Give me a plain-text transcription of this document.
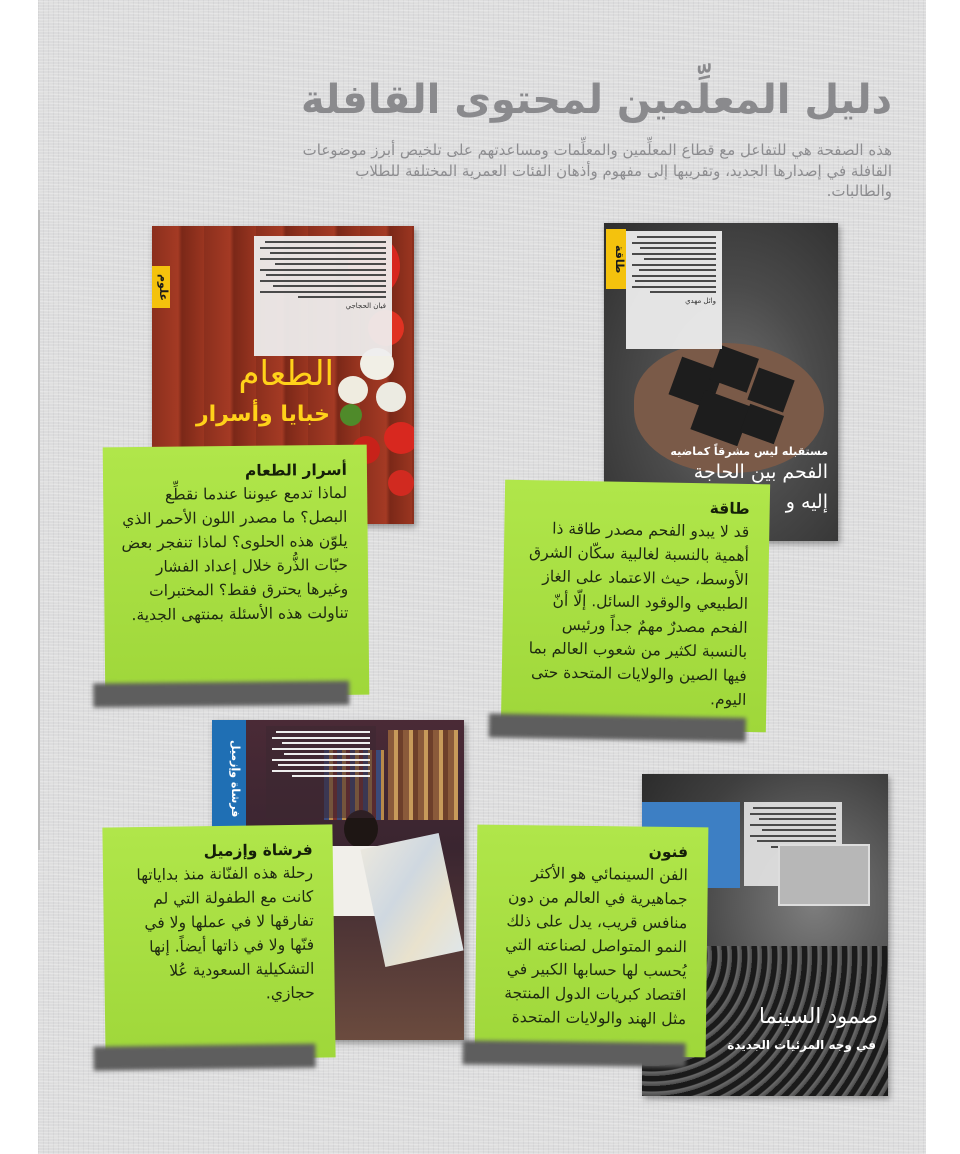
دليل المعلِّمين لمحتوى القافلة

هذه الصفحة هي للتفاعل مع قطاع المعلِّمين والمعلِّمات ومساعدتهم على تلخيص أبرز موضوعات القافلة في إصدارها الجديد، وتقريبها إلى مفهوم وأذهان الفئات العمرية المختلفة للطلاب والطالبات.

علوم
فيان الحجاجي
الطعام
خبايا وأسرار
طاقة
وائل مهدي
مستقبله ليس مشرقاً كماضيه
الفحم بين الحاجة
إليه و
فرشاة وإزميل
صمود السينما
في وجه المرئيات الجديدة
أسرار الطعام

لماذا تدمع عيوننا عندما نقطِّع البصل؟ ما مصدر اللون الأحمر الذي يلوّن هذه الحلوى؟ لماذا تنفجر بعض حبّات الذُّرة خلال إعداد الفشار وغيرها يحترق فقط؟ المختبرات تناولت هذه الأسئلة بمنتهى الجدية.

طاقة

قد لا يبدو الفحم مصدر طاقة ذا أهمية بالنسبة لغالبية سكّان الشرق الأوسط، حيث الاعتماد على الغاز الطبيعي والوقود السائل. إلّا أنّ الفحم مصدرٌ مهمٌ جداً ورئيس بالنسبة لكثير من شعوب العالم بما فيها الصين والولايات المتحدة حتى اليوم.

فرشاة وإزميل

رحلة هذه الفنّانة منذ بداياتها كانت مع الطفولة التي لم تفارقها لا في عملها ولا في فنّها ولا في ذاتها أيضاً. إنها التشكيلية السعودية عُلا حجازي.

فنون

الفن السينمائي هو الأكثر جماهيرية في العالم من دون منافس قريب، يدل على ذلك النمو المتواصل لصناعته التي يُحسب لها حسابها الكبير في اقتصاد كبريات الدول المنتجة مثل الهند والولايات المتحدة
